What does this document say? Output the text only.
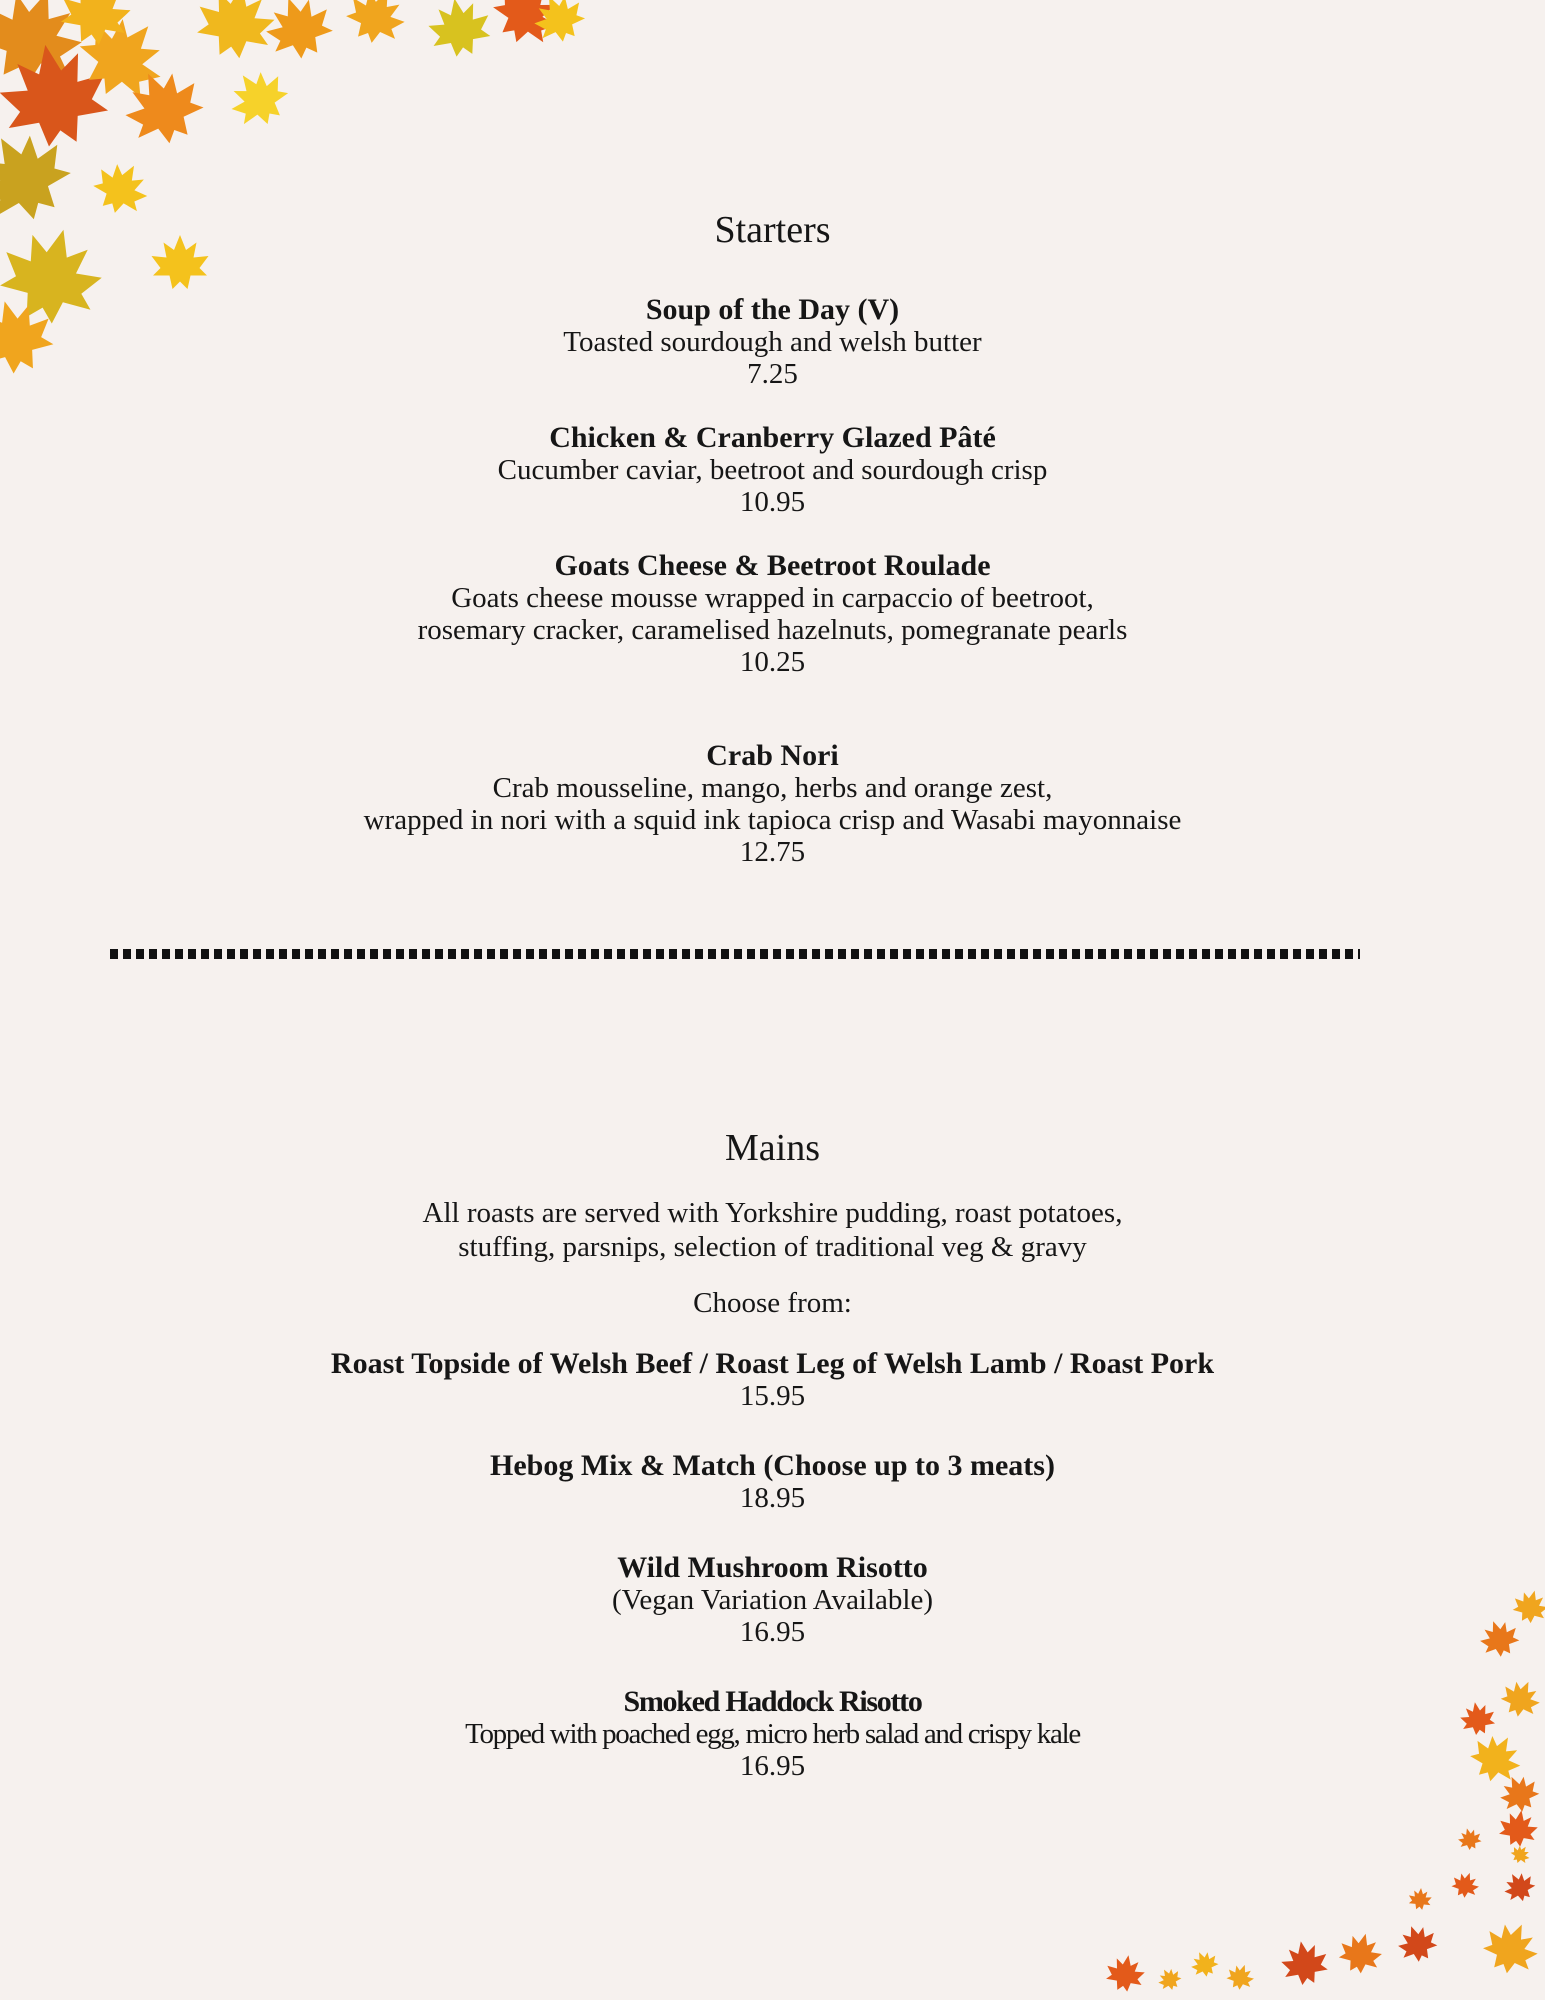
Starters

Soup of the Day (V)

Toasted sourdough and welsh butter

7.25

Chicken & Cranberry Glazed Pâté

Cucumber caviar, beetroot and sourdough crisp

10.95

Goats Cheese & Beetroot Roulade

Goats cheese mousse wrapped in carpaccio of beetroot,

rosemary cracker, caramelised hazelnuts, pomegranate pearls

10.25

Crab Nori

Crab mousseline, mango, herbs and orange zest,

wrapped in nori with a squid ink tapioca crisp and Wasabi mayonnaise

12.75

Mains

All roasts are served with Yorkshire pudding, roast potatoes,

stuffing, parsnips, selection of traditional veg & gravy

Choose from:

Roast Topside of Welsh Beef / Roast Leg of Welsh Lamb / Roast Pork

15.95

Hebog Mix & Match (Choose up to 3 meats)

18.95

Wild Mushroom Risotto

(Vegan Variation Available)

16.95

Smoked Haddock Risotto

Topped with poached egg, micro herb salad and crispy kale

16.95
